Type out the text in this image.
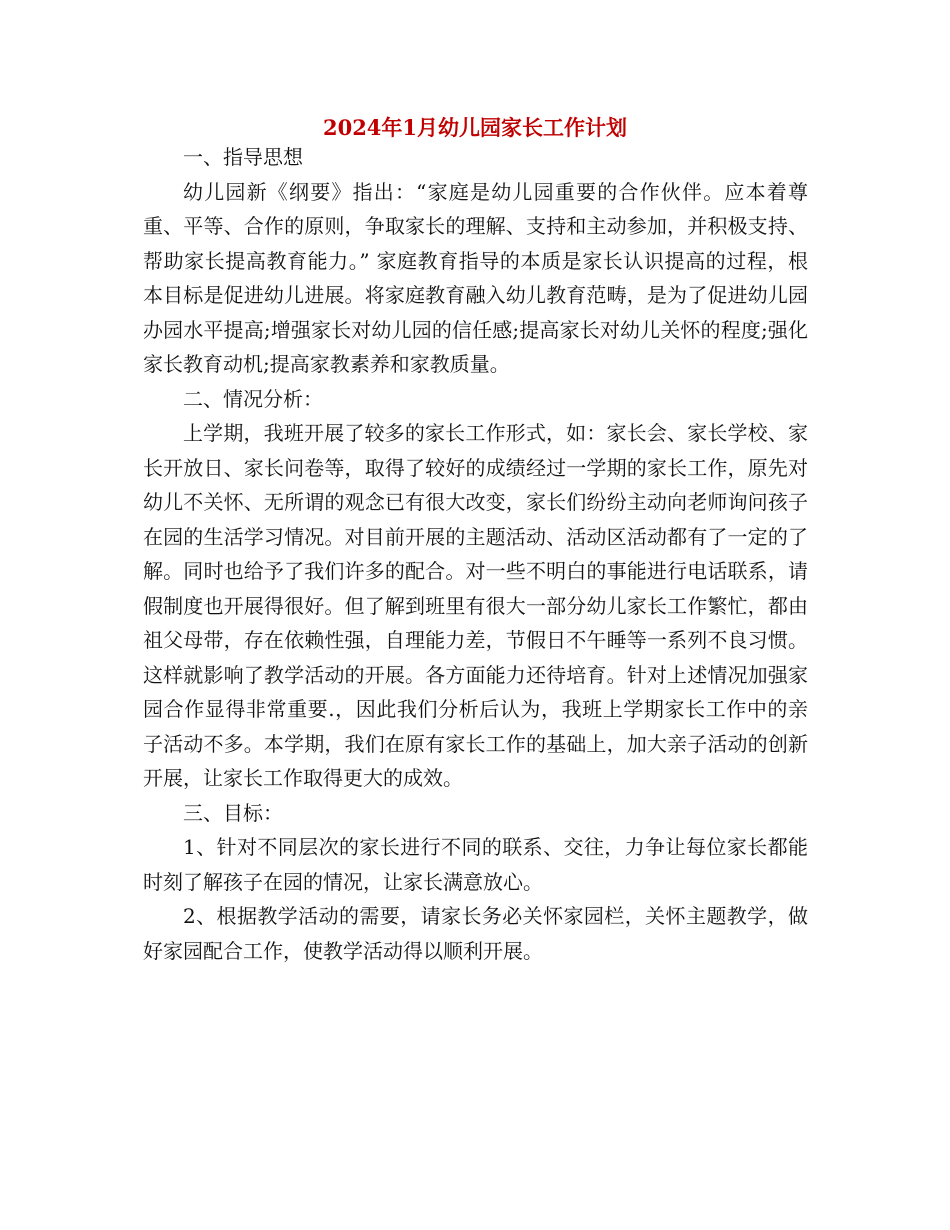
2024年1月幼儿园家长工作计划

一、指导思想

幼儿园新《纲要》指出：“家庭是幼儿园重要的合作伙伴。应本着尊重、平等、合作的原则，争取家长的理解、支持和主动参加，并积极支持、帮助家长提高教育能力。” 家庭教育指导的本质是家长认识提高的过程，根本目标是促进幼儿进展。将家庭教育融入幼儿教育范畴，是为了促进幼儿园办园水平提高;增强家长对幼儿园的信任感;提高家长对幼儿关怀的程度;强化家长教育动机;提高家教素养和家教质量。

二、情况分析：

上学期，我班开展了较多的家长工作形式，如：家长会、家长学校、家长开放日、家长问卷等，取得了较好的成绩经过一学期的家长工作，原先对幼儿不关怀、无所谓的观念已有很大改变，家长们纷纷主动向老师询问孩子在园的生活学习情况。对目前开展的主题活动、活动区活动都有了一定的了解。同时也给予了我们许多的配合。对一些不明白的事能进行电话联系，请假制度也开展得很好。但了解到班里有很大一部分幼儿家长工作繁忙，都由祖父母带，存在依赖性强，自理能力差，节假日不午睡等一系列不良习惯。这样就影响了教学活动的开展。各方面能力还待培育。针对上述情况加强家园合作显得非常重要.，因此我们分析后认为，我班上学期家长工作中的亲子活动不多。本学期，我们在原有家长工作的基础上，加大亲子活动的创新开展，让家长工作取得更大的成效。

三、目标：

1、针对不同层次的家长进行不同的联系、交往，力争让每位家长都能时刻了解孩子在园的情况，让家长满意放心。

2、根据教学活动的需要，请家长务必关怀家园栏，关怀主题教学，做好家园配合工作，使教学活动得以顺利开展。
